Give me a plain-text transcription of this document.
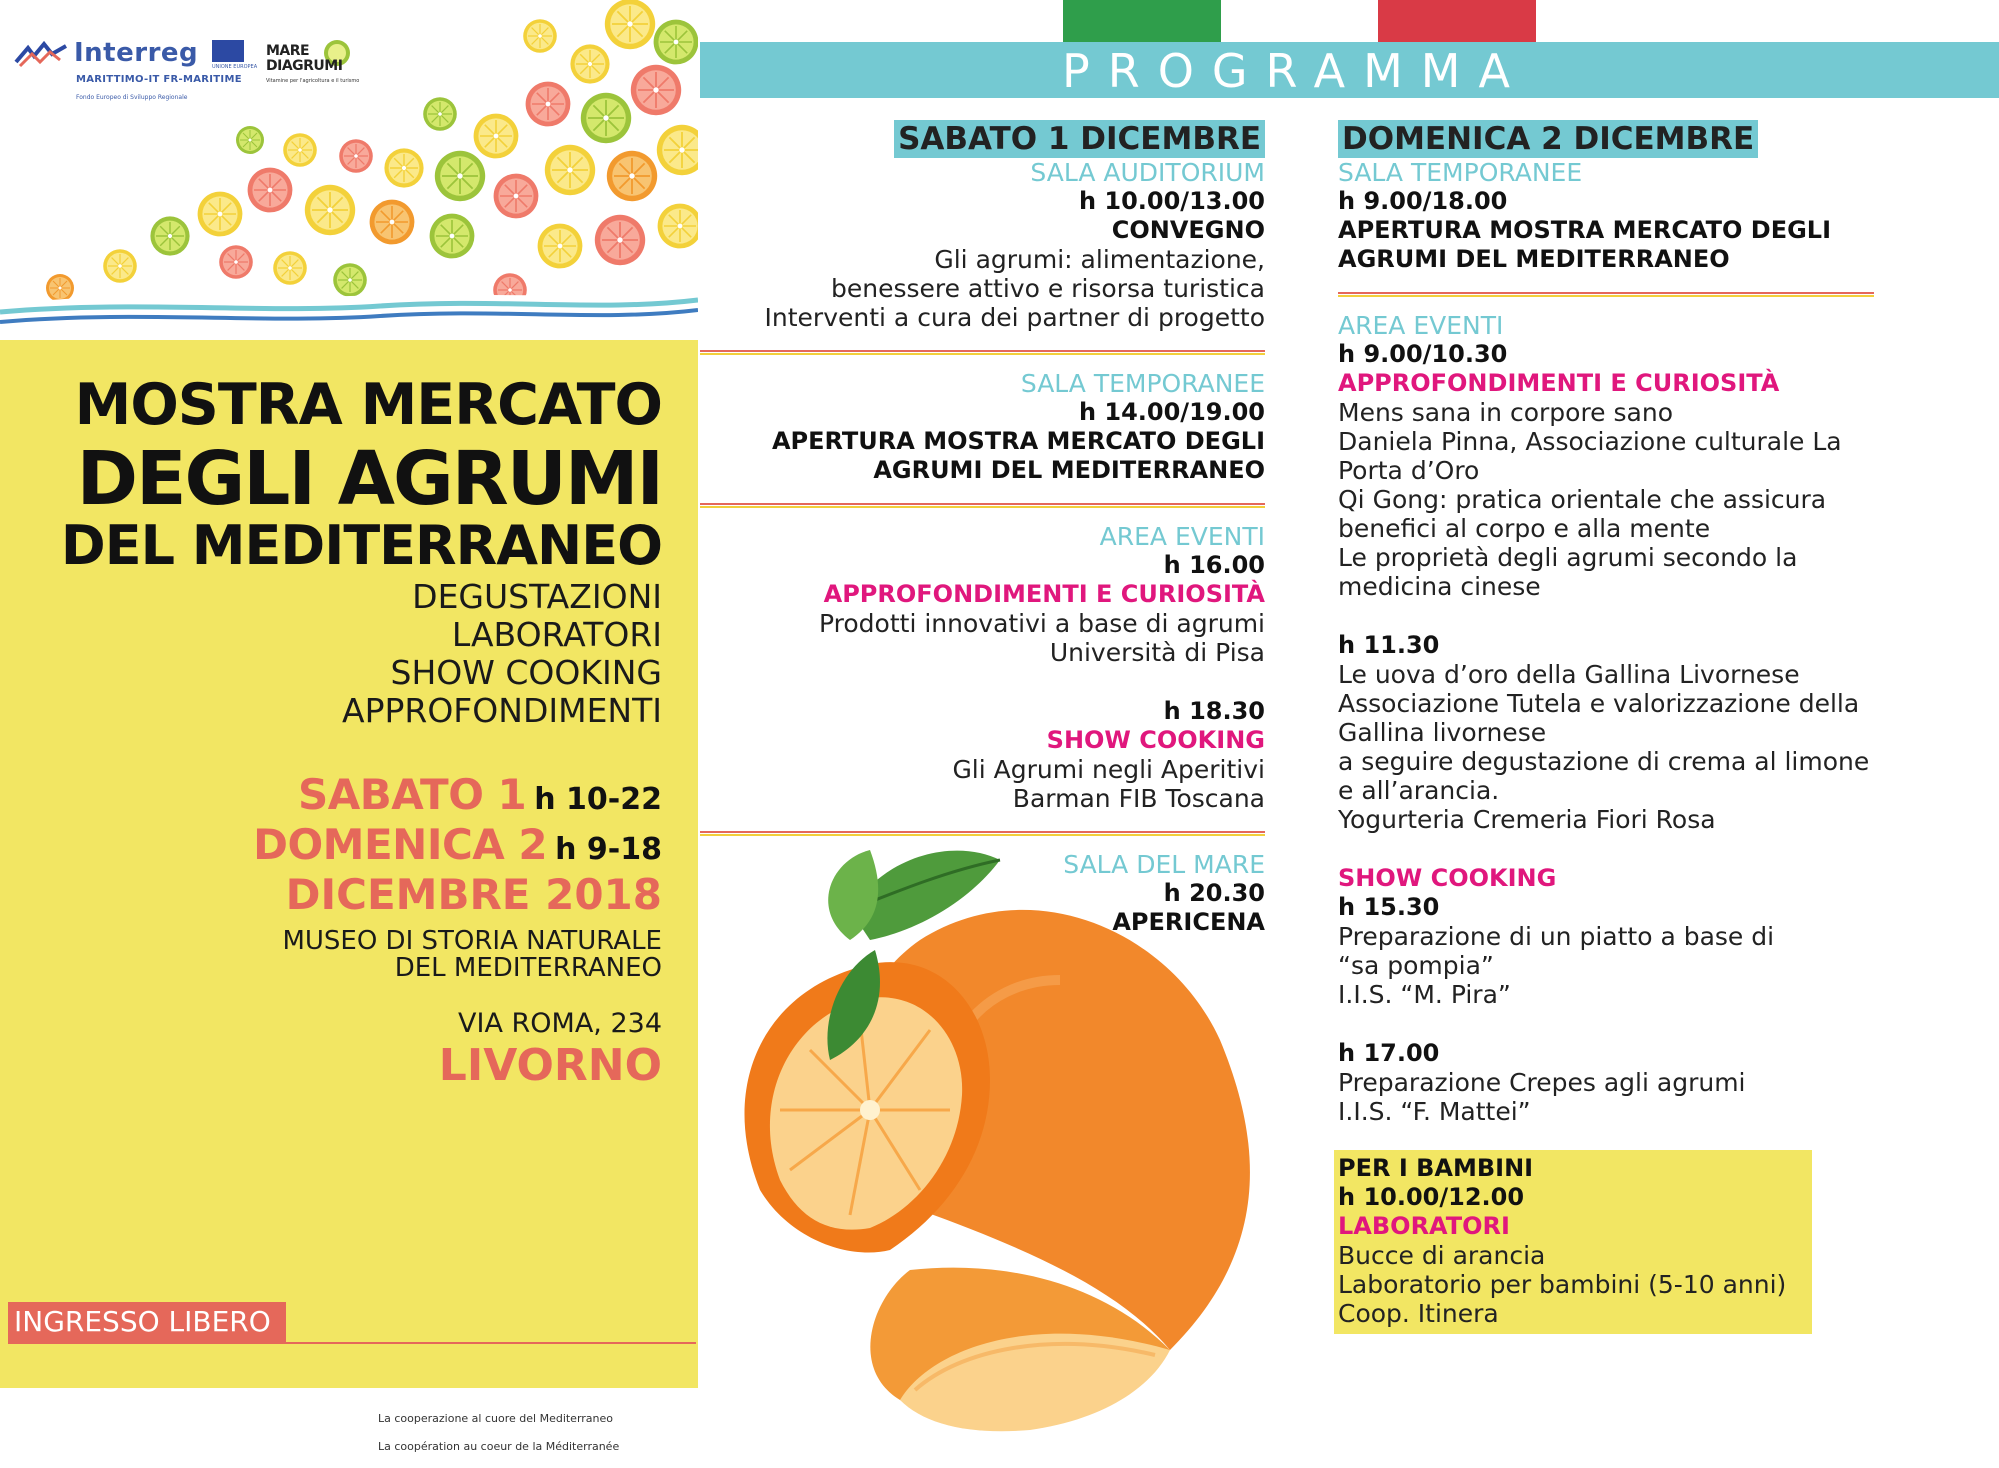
Interreg
MARITTIMO-IT FR-MARITIME
Fondo Europeo di Sviluppo Regionale
UNIONE EUROPEA
MARE
DIAGRUMI
Vitamine per l'agricoltura e il turismo
MOSTRA MERCATO
DEGLI AGRUMI
DEL MEDITERRANEO
DEGUSTAZIONI
LABORATORI
SHOW COOKING
APPROFONDIMENTI
SABATO 1 h 10-22
DOMENICA 2 h 9-18
DICEMBRE 2018
MUSEO DI STORIA NATURALE
DEL MEDITERRANEO
VIA ROMA, 234
LIVORNO
INGRESSO LIBERO
La cooperazione al cuore del Mediterraneo
La coopération au coeur de la Méditerranée
PROGRAMMA
SABATO 1 DICEMBRE
SALA AUDITORIUM
h 10.00/13.00
CONVEGNO
Gli agrumi: alimentazione,
benessere attivo e risorsa turistica
Interventi a cura dei partner di progetto
SALA TEMPORANEE
h 14.00/19.00
APERTURA MOSTRA MERCATO DEGLI
AGRUMI DEL MEDITERRANEO
AREA EVENTI
h 16.00
APPROFONDIMENTI E CURIOSITÀ
Prodotti innovativi a base di agrumi
Università di Pisa
h 18.30
SHOW COOKING
Gli Agrumi negli Aperitivi
Barman FIB Toscana
SALA DEL MARE
h 20.30
APERICENA
DOMENICA 2 DICEMBRE
SALA TEMPORANEE
h 9.00/18.00
APERTURA MOSTRA MERCATO DEGLI
AGRUMI DEL MEDITERRANEO
AREA EVENTI
h 9.00/10.30
APPROFONDIMENTI E CURIOSITÀ
Mens sana in corpore sano
Daniela Pinna, Associazione culturale La
Porta d’Oro
Qi Gong: pratica orientale che assicura
benefici al corpo e alla mente
Le proprietà degli agrumi secondo la
medicina cinese
h 11.30
Le uova d’oro della Gallina Livornese
Associazione Tutela e valorizzazione della
Gallina livornese
a seguire degustazione di crema al limone
e all’arancia.
Yogurteria Cremeria Fiori Rosa
SHOW COOKING
h 15.30
Preparazione di un piatto a base di
“sa pompia”
I.I.S. “M. Pira”
h 17.00
Preparazione Crepes agli agrumi
I.I.S. “F. Mattei”
PER I BAMBINI
h 10.00/12.00
LABORATORI
Bucce di arancia
Laboratorio per bambini (5-10 anni)
Coop. Itinera
